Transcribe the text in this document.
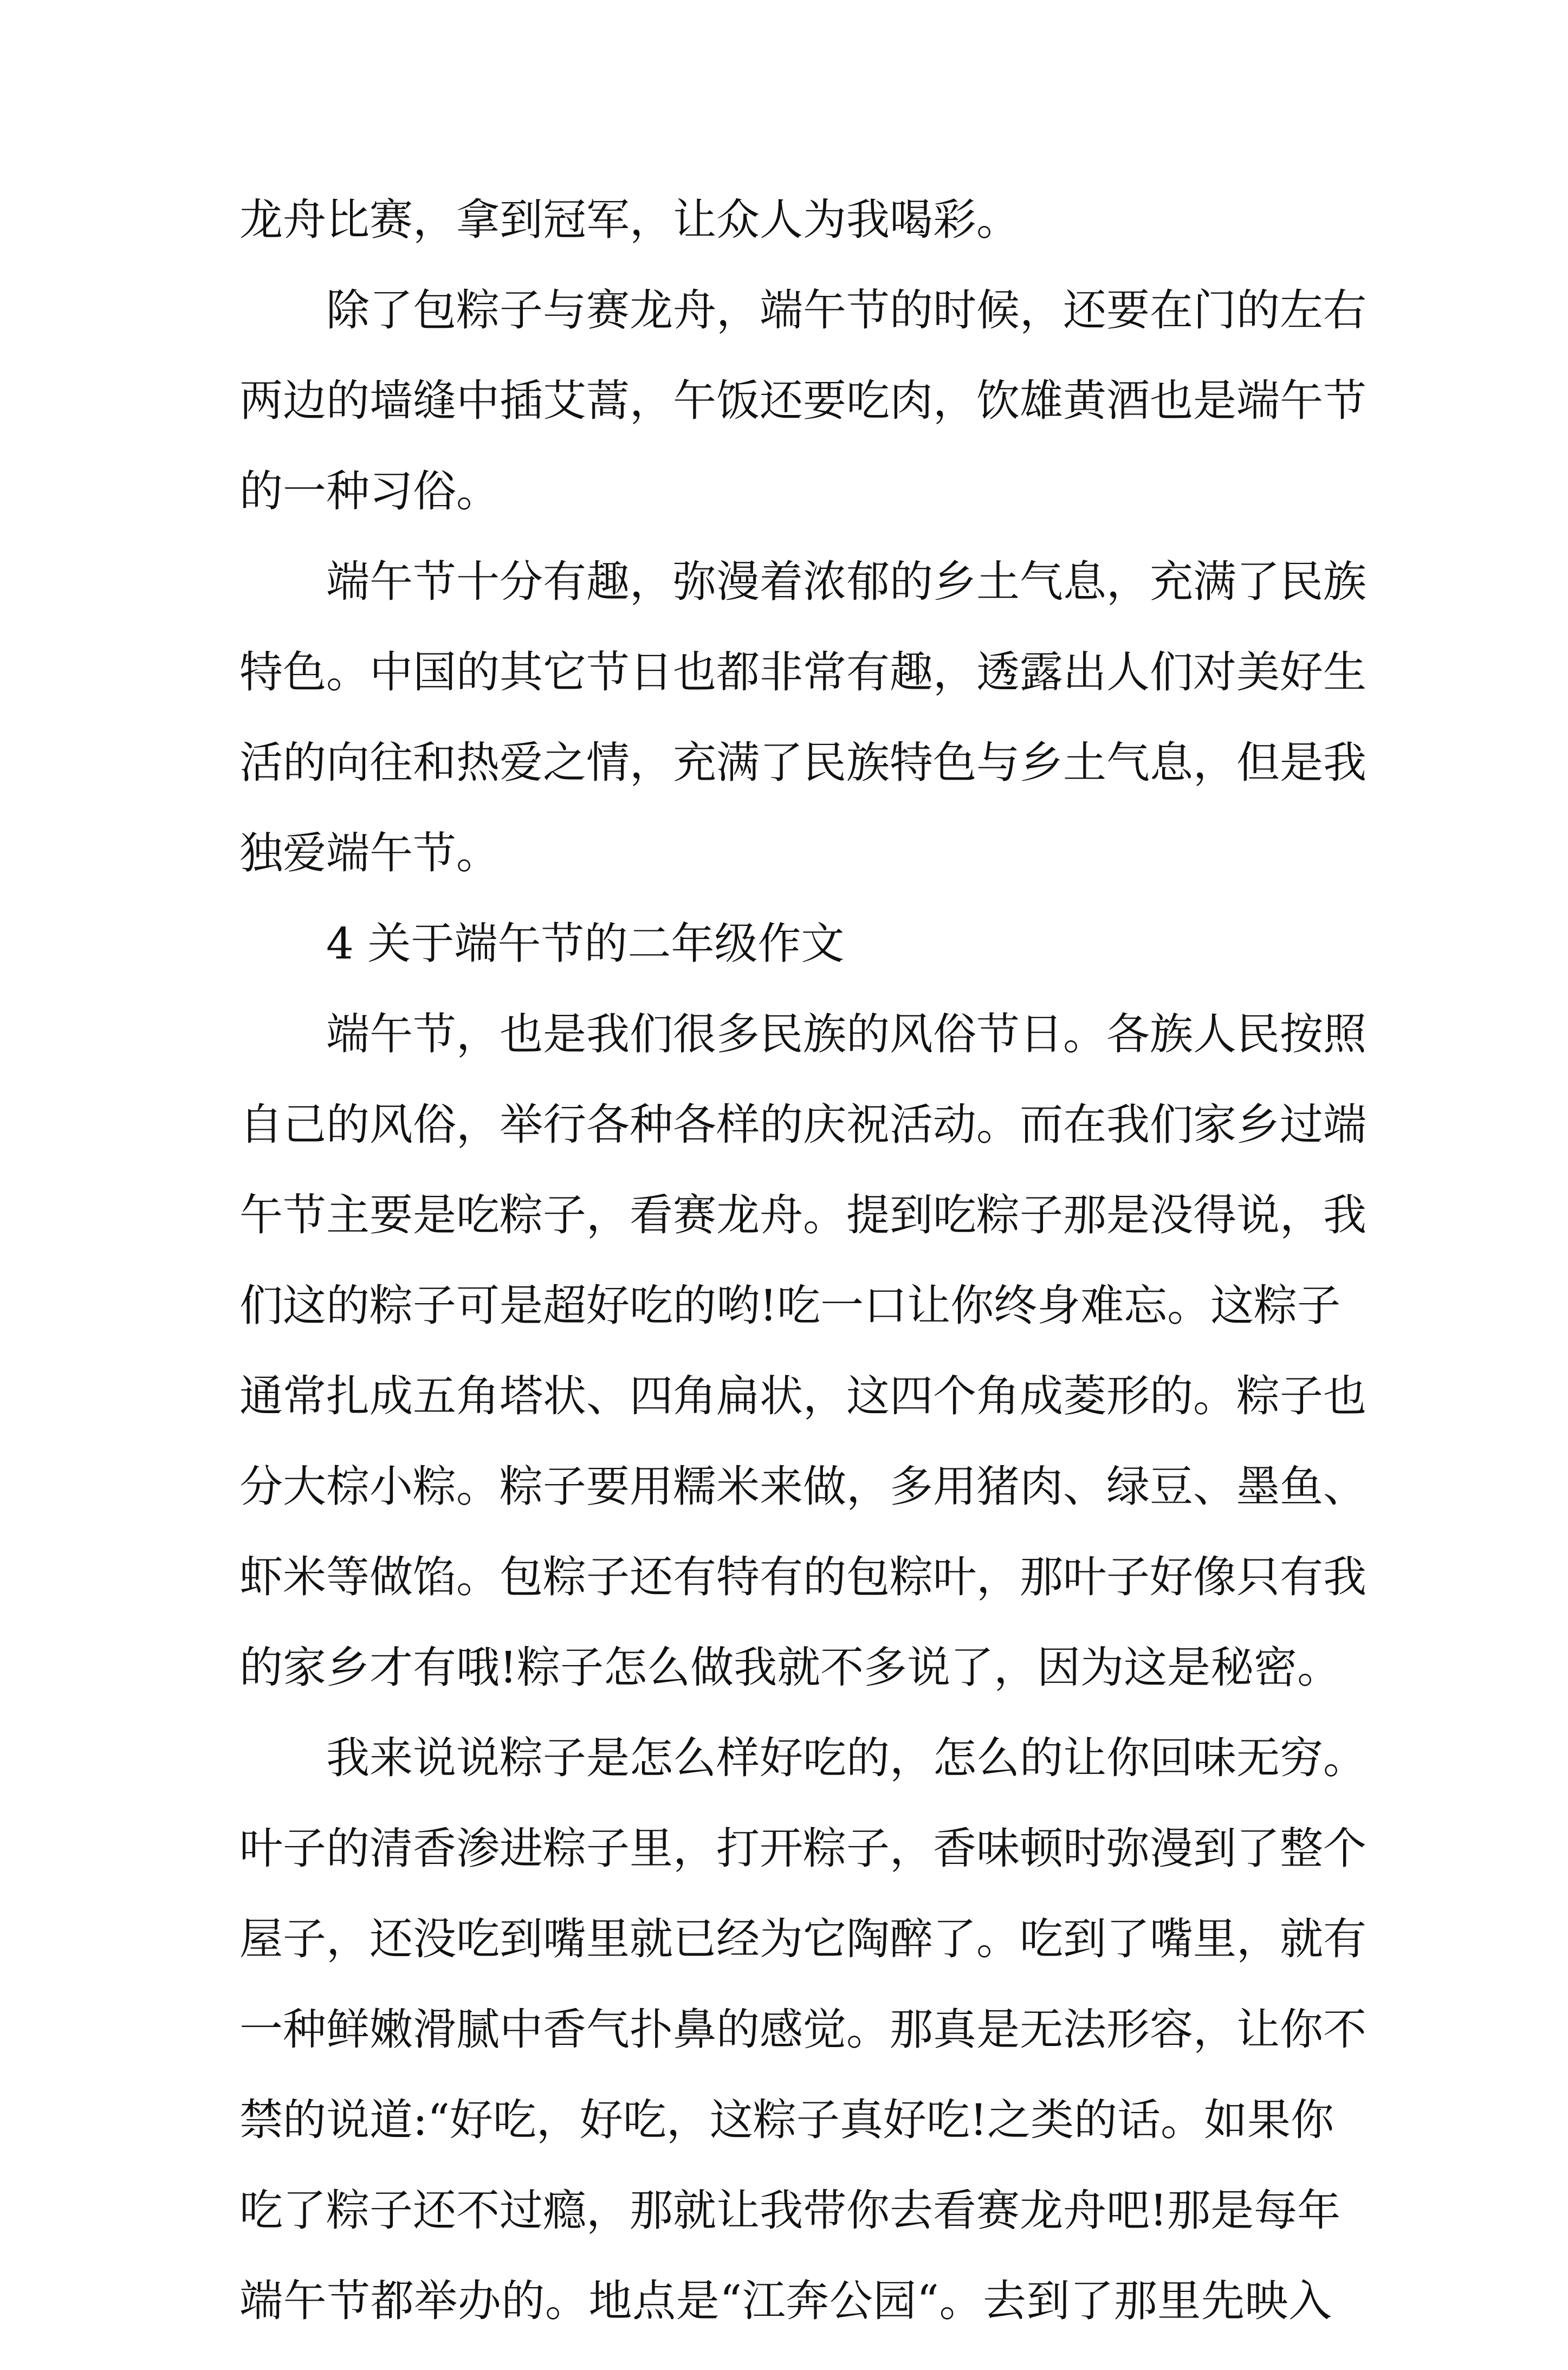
龙舟比赛，拿到冠军，让众人为我喝彩。
除了包粽子与赛龙舟，端午节的时候，还要在门的左右
两边的墙缝中插艾蒿，午饭还要吃肉，饮雄黄酒也是端午节
的一种习俗。
端午节十分有趣，弥漫着浓郁的乡土气息，充满了民族
特色。中国的其它节日也都非常有趣，透露出人们对美好生
活的向往和热爱之情，充满了民族特色与乡土气息，但是我
独爱端午节。
4 关于端午节的二年级作文
端午节，也是我们很多民族的风俗节日。各族人民按照
自己的风俗，举行各种各样的庆祝活动。而在我们家乡过端
午节主要是吃粽子，看赛龙舟。提到吃粽子那是没得说，我
们这的粽子可是超好吃的哟!吃一口让你终身难忘。这粽子
通常扎成五角塔状、四角扁状，这四个角成菱形的。粽子也
分大棕小粽。粽子要用糯米来做，多用猪肉、绿豆、墨鱼、
虾米等做馅。包粽子还有特有的包粽叶，那叶子好像只有我
的家乡才有哦!粽子怎么做我就不多说了，因为这是秘密。
我来说说粽子是怎么样好吃的，怎么的让你回味无穷。
叶子的清香渗进粽子里，打开粽子，香味顿时弥漫到了整个
屋子，还没吃到嘴里就已经为它陶醉了。吃到了嘴里，就有
一种鲜嫩滑腻中香气扑鼻的感觉。那真是无法形容，让你不
禁的说道:“好吃，好吃，这粽子真好吃!之类的话。如果你
吃了粽子还不过瘾，那就让我带你去看赛龙舟吧!那是每年
端午节都举办的。地点是“江奔公园“。去到了那里先映入
